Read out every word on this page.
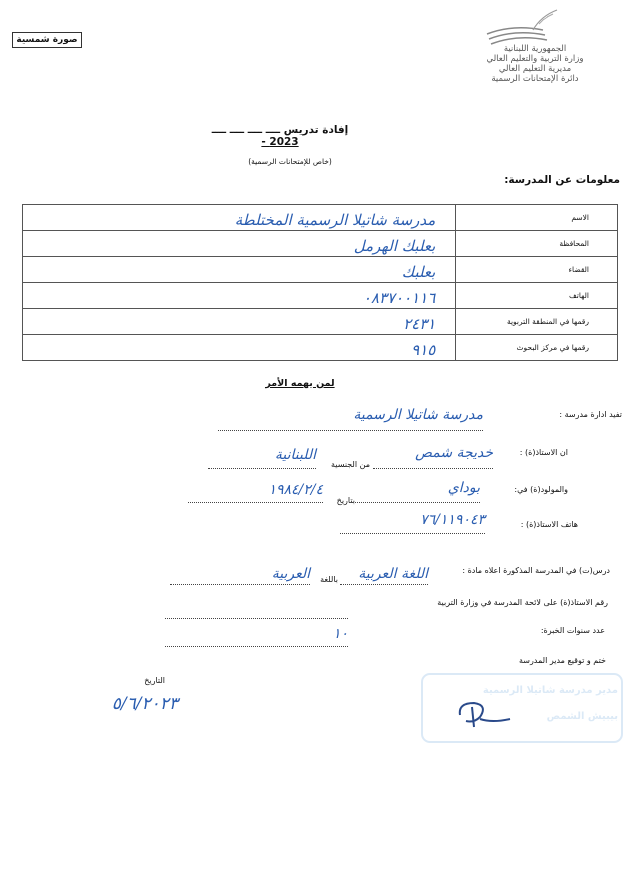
صورة شمسية
الجمهورية اللبنانية
وزارة التربية والتعليم العالي
مديرية التعليم العالي
دائرة الإمتحانات الرسمية
إفادة تدريس ــــ ــــ ــــ ــــ 2023 -
(خاص للإمتحانات الرسمية)
معلومات عن المدرسة:
مدرسة شاتيلا الرسمية المختلطة	الاسم
بعلبك الهرمل	المحافظة
بعلبك	القضاء
٠٨٣٧٠٠١١٦	الهاتف
٢٤٣١	رقمها في المنطقة التربوية
٩١٥	رقمها في مركز البحوث
لمن يهمه الأمر
تفيد ادارة مدرسة :
مدرسة شاتيلا الرسمية
ان الاستاذ(ة) :
خديجة شمص
من الجنسية
اللبنانية
والمولود(ة) في:
بوداي
بتاريخ
١٩٨٤/٢/٤
هاتف الاستاذ(ة) :
٧٦/١١٩٠٤٣
درس(ت) في المدرسة المذكورة اعلاه مادة :
اللغة العربية
باللغة
العربية
رقم الاستاذ(ة) على لائحة المدرسة في وزارة التربية
عدد سنوات الخبرة:
١٠
ختم و توقيع مدير المدرسة
التاريخ
٥/٦/٢٠٢٣
مدير مدرسة شاتيلا الرسمية
بيبيش الشمص
